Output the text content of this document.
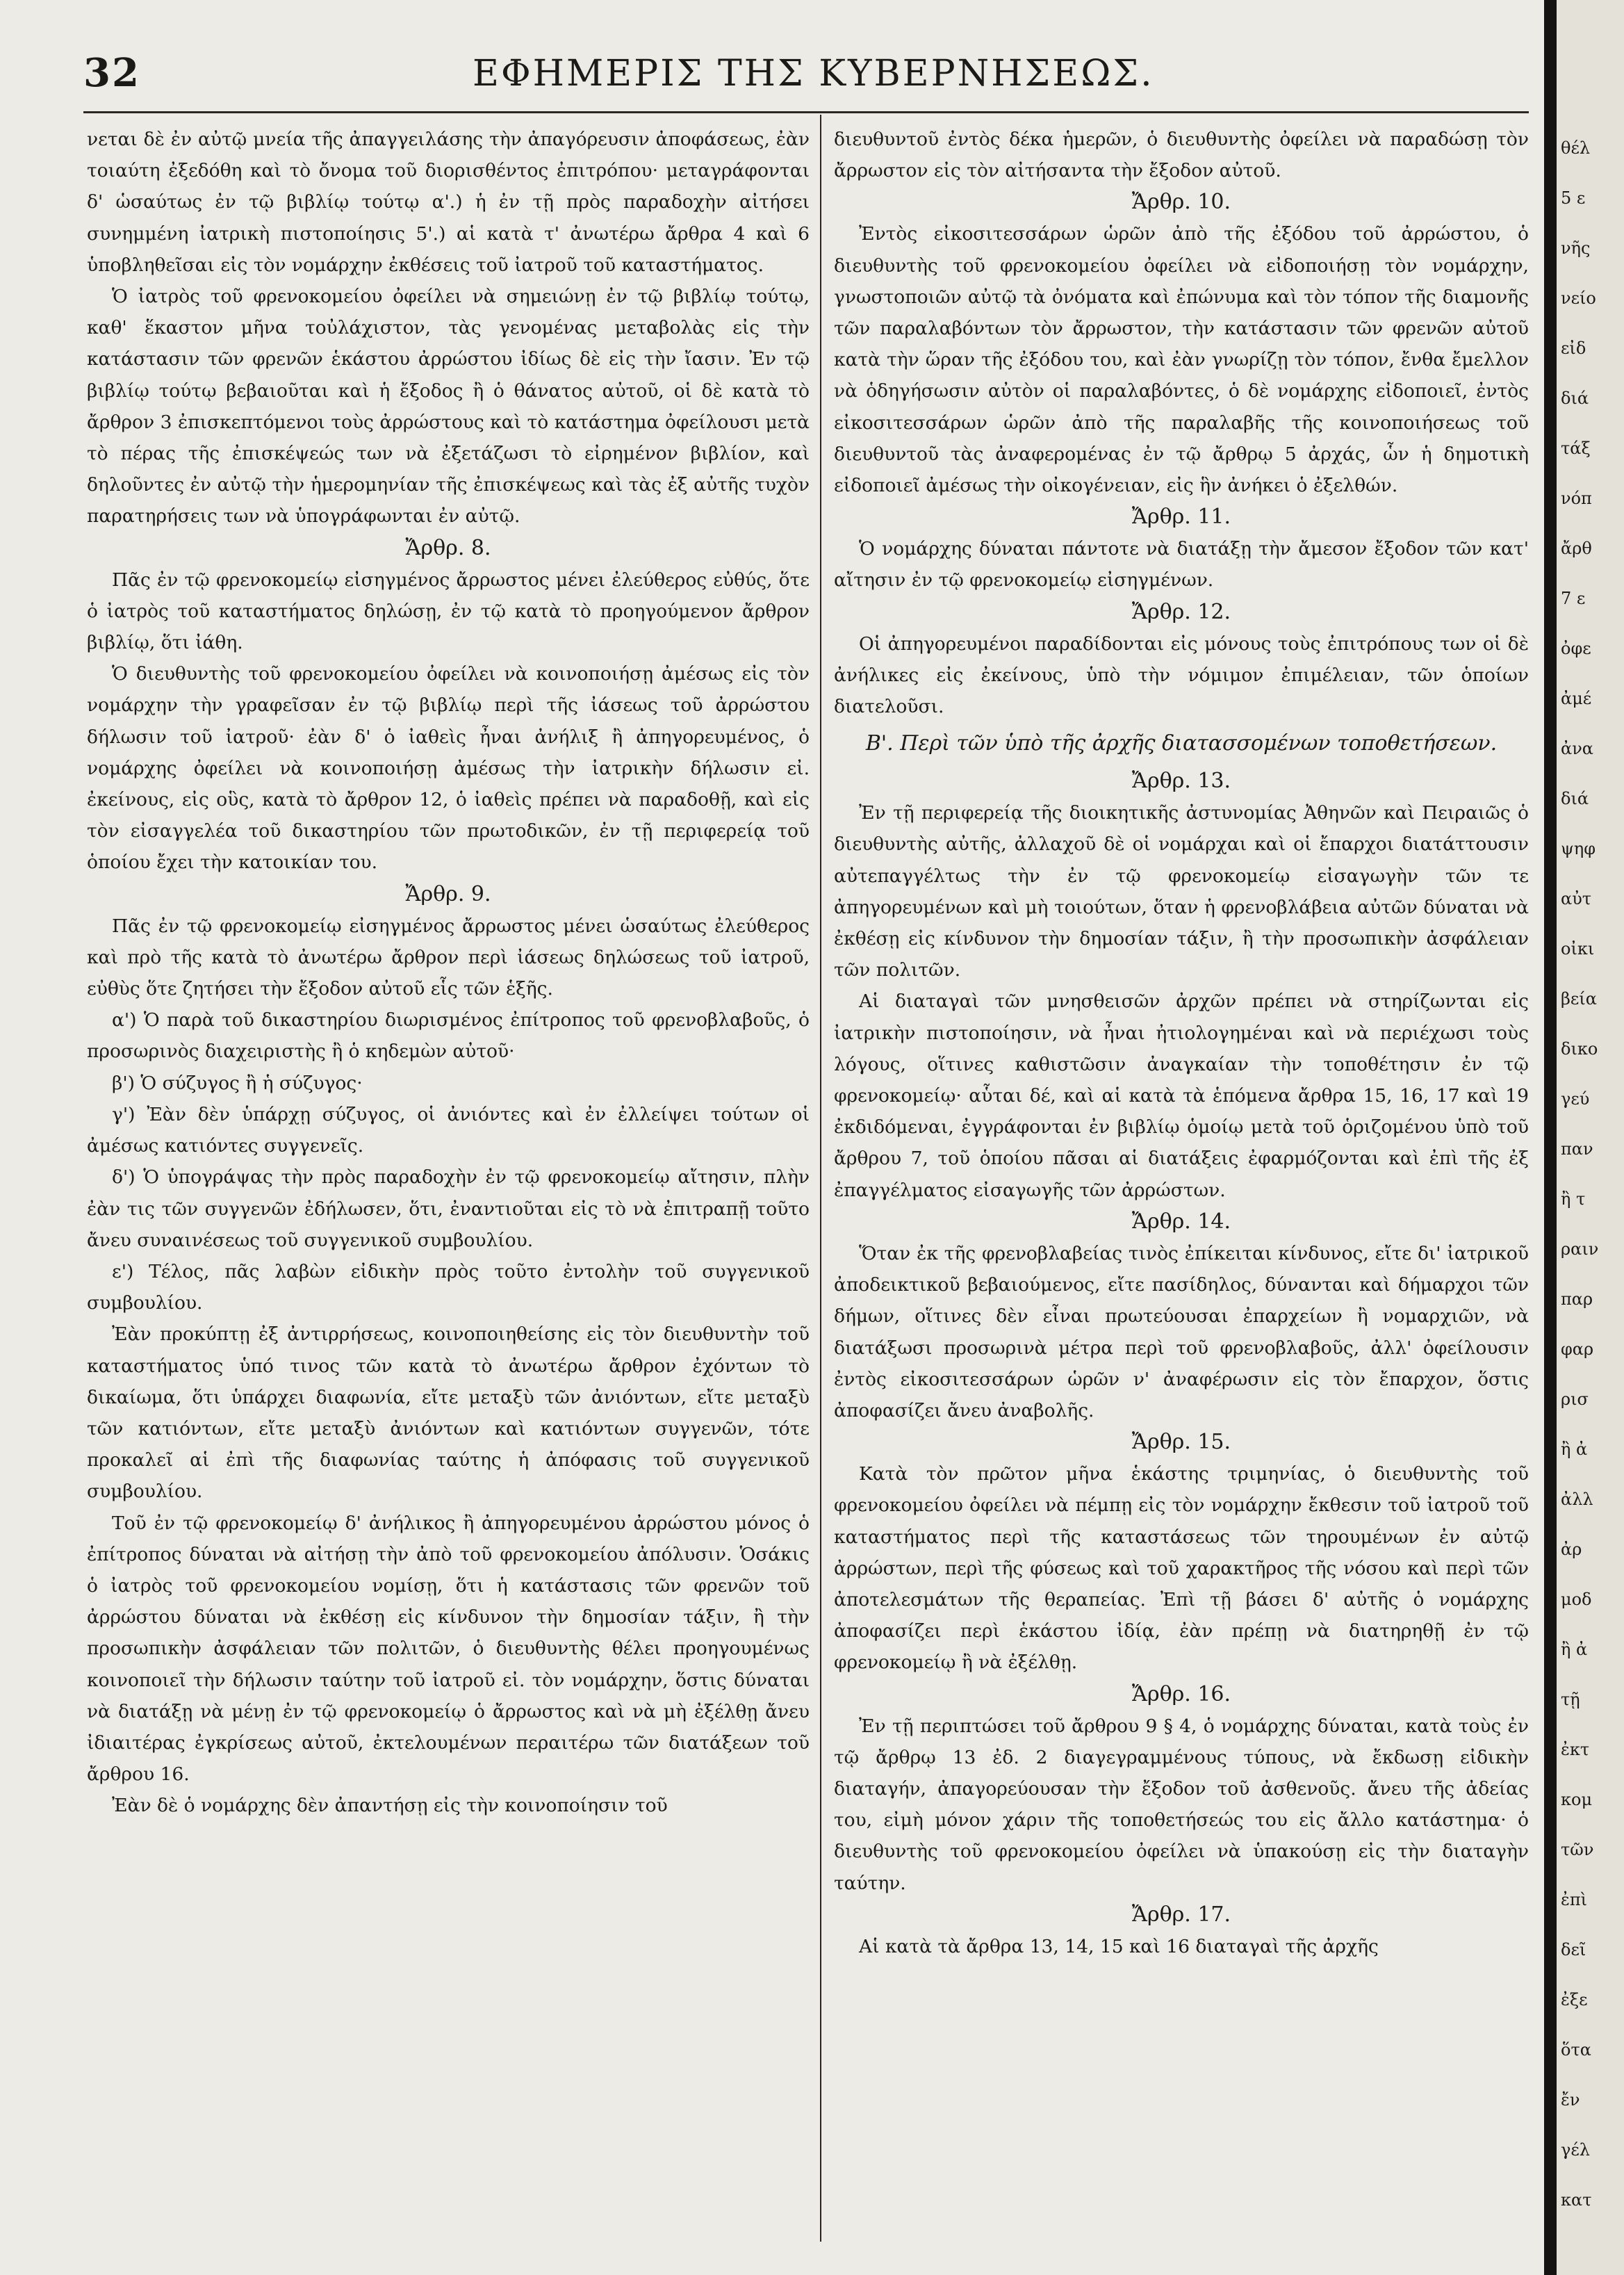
32	ΕΦΗΜΕΡΙΣ ΤΗΣ ΚΥΒΕΡΝΗΣΕΩΣ.

νεται δὲ ἐν αὐτῷ μνεία τῆς ἀπαγγειλάσης τὴν ἀπαγόρευσιν ἀποφάσεως, ἐὰν τοιαύτη ἐξεδόθη καὶ τὸ ὄνομα τοῦ διορισθέντος ἐπιτρόπου· μεταγράφονται δ' ὡσαύτως ἐν τῷ βιβλίῳ τούτῳ α'.) ἡ ἐν τῇ πρὸς παραδοχὴν αἰτήσει συνημμένη ἰατρικὴ πιστοποίησις 5'.) αἱ κατὰ τ' ἀνωτέρω ἄρθρα 4 καὶ 6 ὑποβληθεῖσαι εἰς τὸν νομάρχην ἐκθέσεις τοῦ ἰατροῦ τοῦ καταστήματος.

Ὁ ἰατρὸς τοῦ φρενοκομείου ὀφείλει νὰ σημειώνῃ ἐν τῷ βιβλίῳ τούτῳ, καθ' ἕκαστον μῆνα τοὐλάχιστον, τὰς γενομένας μεταβολὰς εἰς τὴν κατάστασιν τῶν φρενῶν ἑκάστου ἀρρώστου ἰδίως δὲ εἰς τὴν ἴασιν. Ἐν τῷ βιβλίῳ τούτῳ βεβαιοῦται καὶ ἡ ἔξοδος ἢ ὁ θάνατος αὐτοῦ, οἱ δὲ κατὰ τὸ ἄρθρον 3 ἐπισκεπτόμενοι τοὺς ἀρρώστους καὶ τὸ κατάστημα ὀφείλουσι μετὰ τὸ πέρας τῆς ἐπισκέψεώς των νὰ ἐξετάζωσι τὸ εἰρημένον βιβλίον, καὶ δηλοῦντες ἐν αὐτῷ τὴν ἡμερομηνίαν τῆς ἐπισκέψεως καὶ τὰς ἐξ αὐτῆς τυχὸν παρατηρήσεις των νὰ ὑπογράφωνται ἐν αὐτῷ.

Ἄρθρ. 8.

Πᾶς ἐν τῷ φρενοκομείῳ εἰσηγμένος ἄρρωστος μένει ἐλεύθερος εὐθύς, ὅτε ὁ ἰατρὸς τοῦ καταστήματος δηλώσῃ, ἐν τῷ κατὰ τὸ προηγούμενον ἄρθρον βιβλίῳ, ὅτι ἰάθη.

Ὁ διευθυντὴς τοῦ φρενοκομείου ὀφείλει νὰ κοινοποιήσῃ ἀμέσως εἰς τὸν νομάρχην τὴν γραφεῖσαν ἐν τῷ βιβλίῳ περὶ τῆς ἰάσεως τοῦ ἀρρώστου δήλωσιν τοῦ ἰατροῦ· ἐὰν δ' ὁ ἰαθεὶς ἦναι ἀνήλιξ ἢ ἀπηγορευμένος, ὁ νομάρχης ὀφείλει νὰ κοινοποιήσῃ ἀμέσως τὴν ἰατρικὴν δήλωσιν εἰ. ἐκείνους, εἰς οὓς, κατὰ τὸ ἄρθρον 12, ὁ ἰαθεὶς πρέπει νὰ παραδοθῇ, καὶ εἰς τὸν εἰσαγγελέα τοῦ δικαστηρίου τῶν πρωτοδικῶν, ἐν τῇ περιφερείᾳ τοῦ ὁποίου ἔχει τὴν κατοικίαν του.

Ἄρθρ. 9.

Πᾶς ἐν τῷ φρενοκομείῳ εἰσηγμένος ἄρρωστος μένει ὡσαύτως ἐλεύθερος καὶ πρὸ τῆς κατὰ τὸ ἀνωτέρω ἄρθρον περὶ ἰάσεως δηλώσεως τοῦ ἰατροῦ, εὐθὺς ὅτε ζητήσει τὴν ἔξοδον αὐτοῦ εἷς τῶν ἑξῆς.

α') Ὁ παρὰ τοῦ δικαστηρίου διωρισμένος ἐπίτροπος τοῦ φρενοβλαβοῦς, ὁ προσωρινὸς διαχειριστὴς ἢ ὁ κηδεμὼν αὐτοῦ·

β') Ὁ σύζυγος ἢ ἡ σύζυγος·

γ') Ἐὰν δὲν ὑπάρχῃ σύζυγος, οἱ ἀνιόντες καὶ ἐν ἐλλείψει τούτων οἱ ἀμέσως κατιόντες συγγενεῖς.

δ') Ὁ ὑπογράψας τὴν πρὸς παραδοχὴν ἐν τῷ φρενοκομείῳ αἴτησιν, πλὴν ἐὰν τις τῶν συγγενῶν ἐδήλωσεν, ὅτι, ἐναντιοῦται εἰς τὸ νὰ ἐπιτραπῇ τοῦτο ἄνευ συναινέσεως τοῦ συγγενικοῦ συμβουλίου.

ε') Τέλος, πᾶς λαβὼν εἰδικὴν πρὸς τοῦτο ἐντολὴν τοῦ συγγενικοῦ συμβουλίου.

Ἐὰν προκύπτῃ ἐξ ἀντιρρήσεως, κοινοποιηθείσης εἰς τὸν διευθυντὴν τοῦ καταστήματος ὑπό τινος τῶν κατὰ τὸ ἀνωτέρω ἄρθρον ἐχόντων τὸ δικαίωμα, ὅτι ὑπάρχει διαφωνία, εἴτε μεταξὺ τῶν ἀνιόντων, εἴτε μεταξὺ τῶν κατιόντων, εἴτε μεταξὺ ἀνιόντων καὶ κατιόντων συγγενῶν, τότε προκαλεῖ αἱ ἐπὶ τῆς διαφωνίας ταύτης ἡ ἀπόφασις τοῦ συγγενικοῦ συμβουλίου.

Τοῦ ἐν τῷ φρενοκομείῳ δ' ἀνήλικος ἢ ἀπηγορευμένου ἀρρώστου μόνος ὁ ἐπίτροπος δύναται νὰ αἰτήσῃ τὴν ἀπὸ τοῦ φρενοκομείου ἀπόλυσιν. Ὁσάκις ὁ ἰατρὸς τοῦ φρενοκομείου νομίσῃ, ὅτι ἡ κατάστασις τῶν φρενῶν τοῦ ἀρρώστου δύναται νὰ ἐκθέσῃ εἰς κίνδυνον τὴν δημοσίαν τάξιν, ἢ τὴν προσωπικὴν ἀσφάλειαν τῶν πολιτῶν, ὁ διευθυντὴς θέλει προηγουμένως κοινοποιεῖ τὴν δήλωσιν ταύτην τοῦ ἰατροῦ εἰ. τὸν νομάρχην, ὅστις δύναται νὰ διατάξῃ νὰ μένῃ ἐν τῷ φρενοκομείῳ ὁ ἄρρωστος καὶ νὰ μὴ ἐξέλθῃ ἄνευ ἰδιαιτέρας ἐγκρίσεως αὐτοῦ, ἐκτελουμένων περαιτέρω τῶν διατάξεων τοῦ ἄρθρου 16.

Ἐὰν δὲ ὁ νομάρχης δὲν ἀπαντήσῃ εἰς τὴν κοινοποίησιν τοῦ

διευθυντοῦ ἐντὸς δέκα ἡμερῶν, ὁ διευθυντὴς ὀφείλει νὰ παραδώσῃ τὸν ἄρρωστον εἰς τὸν αἰτήσαντα τὴν ἔξοδον αὐτοῦ.

Ἄρθρ. 10.

Ἐντὸς εἰκοσιτεσσάρων ὡρῶν ἀπὸ τῆς ἐξόδου τοῦ ἀρρώστου, ὁ διευθυντὴς τοῦ φρενοκομείου ὀφείλει νὰ εἰδοποιήσῃ τὸν νομάρχην, γνωστοποιῶν αὐτῷ τὰ ὀνόματα καὶ ἐπώνυμα καὶ τὸν τόπον τῆς διαμονῆς τῶν παραλαβόντων τὸν ἄρρωστον, τὴν κατάστασιν τῶν φρενῶν αὐτοῦ κατὰ τὴν ὥραν τῆς ἐξόδου του, καὶ ἐὰν γνωρίζῃ τὸν τόπον, ἔνθα ἔμελλον νὰ ὁδηγήσωσιν αὐτὸν οἱ παραλαβόντες, ὁ δὲ νομάρχης εἰδοποιεῖ, ἐντὸς εἰκοσιτεσσάρων ὡρῶν ἀπὸ τῆς παραλαβῆς τῆς κοινοποιήσεως τοῦ διευθυντοῦ τὰς ἀναφερομένας ἐν τῷ ἄρθρῳ 5 ἀρχάς, ὧν ἡ δημοτικὴ εἰδοποιεῖ ἀμέσως τὴν οἰκογένειαν, εἰς ἣν ἀνήκει ὁ ἐξελθών.

Ἄρθρ. 11.

Ὁ νομάρχης δύναται πάντοτε νὰ διατάξῃ τὴν ἄμεσον ἔξοδον τῶν κατ' αἴτησιν ἐν τῷ φρενοκομείῳ εἰσηγμένων.

Ἄρθρ. 12.

Οἱ ἀπηγορευμένοι παραδίδονται εἰς μόνους τοὺς ἐπιτρόπους των οἱ δὲ ἀνήλικες εἰς ἐκείνους, ὑπὸ τὴν νόμιμον ἐπιμέλειαν, τῶν ὁποίων διατελοῦσι.

Β'. Περὶ τῶν ὑπὸ τῆς ἀρχῆς διατασσομένων τοποθετήσεων.
Ἄρθρ. 13.

Ἐν τῇ περιφερείᾳ τῆς διοικητικῆς ἀστυνομίας Ἀθηνῶν καὶ Πειραιῶς ὁ διευθυντὴς αὐτῆς, ἀλλαχοῦ δὲ οἱ νομάρχαι καὶ οἱ ἔπαρχοι διατάττουσιν αὐτεπαγγέλτως τὴν ἐν τῷ φρενοκομείῳ εἰσαγωγὴν τῶν τε ἀπηγορευμένων καὶ μὴ τοιούτων, ὅταν ἡ φρενοβλάβεια αὐτῶν δύναται νὰ ἐκθέσῃ εἰς κίνδυνον τὴν δημοσίαν τάξιν, ἢ τὴν προσωπικὴν ἀσφάλειαν τῶν πολιτῶν.

Αἱ διαταγαὶ τῶν μνησθεισῶν ἀρχῶν πρέπει νὰ στηρίζωνται εἰς ἰατρικὴν πιστοποίησιν, νὰ ἦναι ἠτιολογημέναι καὶ νὰ περιέχωσι τοὺς λόγους, οἵτινες καθιστῶσιν ἀναγκαίαν τὴν τοποθέτησιν ἐν τῷ φρενοκομείῳ· αὗται δέ, καὶ αἱ κατὰ τὰ ἑπόμενα ἄρθρα 15, 16, 17 καὶ 19 ἐκδιδόμεναι, ἐγγράφονται ἐν βιβλίῳ ὁμοίῳ μετὰ τοῦ ὁριζομένου ὑπὸ τοῦ ἄρθρου 7, τοῦ ὁποίου πᾶσαι αἱ διατάξεις ἐφαρμόζονται καὶ ἐπὶ τῆς ἐξ ἐπαγγέλματος εἰσαγωγῆς τῶν ἀρρώστων.

Ἄρθρ. 14.

Ὅταν ἐκ τῆς φρενοβλαβείας τινὸς ἐπίκειται κίνδυνος, εἴτε δι' ἰατρικοῦ ἀποδεικτικοῦ βεβαιούμενος, εἴτε πασίδηλος, δύνανται καὶ δήμαρχοι τῶν δήμων, οἵτινες δὲν εἶναι πρωτεύουσαι ἐπαρχείων ἢ νομαρχιῶν, νὰ διατάξωσι προσωρινὰ μέτρα περὶ τοῦ φρενοβλαβοῦς, ἀλλ' ὀφείλουσιν ἐντὸς εἰκοσιτεσσάρων ὡρῶν ν' ἀναφέρωσιν εἰς τὸν ἔπαρχον, ὅστις ἀποφασίζει ἄνευ ἀναβολῆς.

Ἄρθρ. 15.

Κατὰ τὸν πρῶτον μῆνα ἑκάστης τριμηνίας, ὁ διευθυντὴς τοῦ φρενοκομείου ὀφείλει νὰ πέμπῃ εἰς τὸν νομάρχην ἔκθεσιν τοῦ ἰατροῦ τοῦ καταστήματος περὶ τῆς καταστάσεως τῶν τηρουμένων ἐν αὐτῷ ἀρρώστων, περὶ τῆς φύσεως καὶ τοῦ χαρακτῆρος τῆς νόσου καὶ περὶ τῶν ἀποτελεσμάτων τῆς θεραπείας. Ἐπὶ τῇ βάσει δ' αὐτῆς ὁ νομάρχης ἀποφασίζει περὶ ἑκάστου ἰδίᾳ, ἐὰν πρέπῃ νὰ διατηρηθῇ ἐν τῷ φρενοκομείῳ ἢ νὰ ἐξέλθῃ.

Ἄρθρ. 16.

Ἐν τῇ περιπτώσει τοῦ ἄρθρου 9 § 4, ὁ νομάρχης δύναται, κατὰ τοὺς ἐν τῷ ἄρθρῳ 13 ἐδ. 2 διαγεγραμμένους τύπους, νὰ ἔκδωσῃ εἰδικὴν διαταγήν, ἀπαγορεύουσαν τὴν ἔξοδον τοῦ ἀσθενοῦς. ἄνευ τῆς ἀδείας του, εἰμὴ μόνον χάριν τῆς τοποθετήσεώς του εἰς ἄλλο κατάστημα· ὁ διευθυντὴς τοῦ φρενοκομείου ὀφείλει νὰ ὑπακούσῃ εἰς τὴν διαταγὴν ταύτην.

Ἄρθρ. 17.

Αἱ κατὰ τὰ ἄρθρα 13, 14, 15 καὶ 16 διαταγαὶ τῆς ἀρχῆς

θέλ
5 ε
νῆς
νείο
εἰδ
διά
τάξ
νόπ
ἄρθ
7 ε
ὀφε
ἀμέ
ἀνα
διά
ψηφ
αὐτ
οἰκι
βεία
δικο
γεύ
παν
ἢ τ
ραιν
παρ
φαρ
ρισ
ἢ ἀ
ἀλλ
ἀρ
μοδ
ἢ ἀ
τῇ
ἐκτ
κομ
τῶν
ἐπὶ
δεῖ
ἐξε
ὅτα
ἔν
γέλ
κατ
